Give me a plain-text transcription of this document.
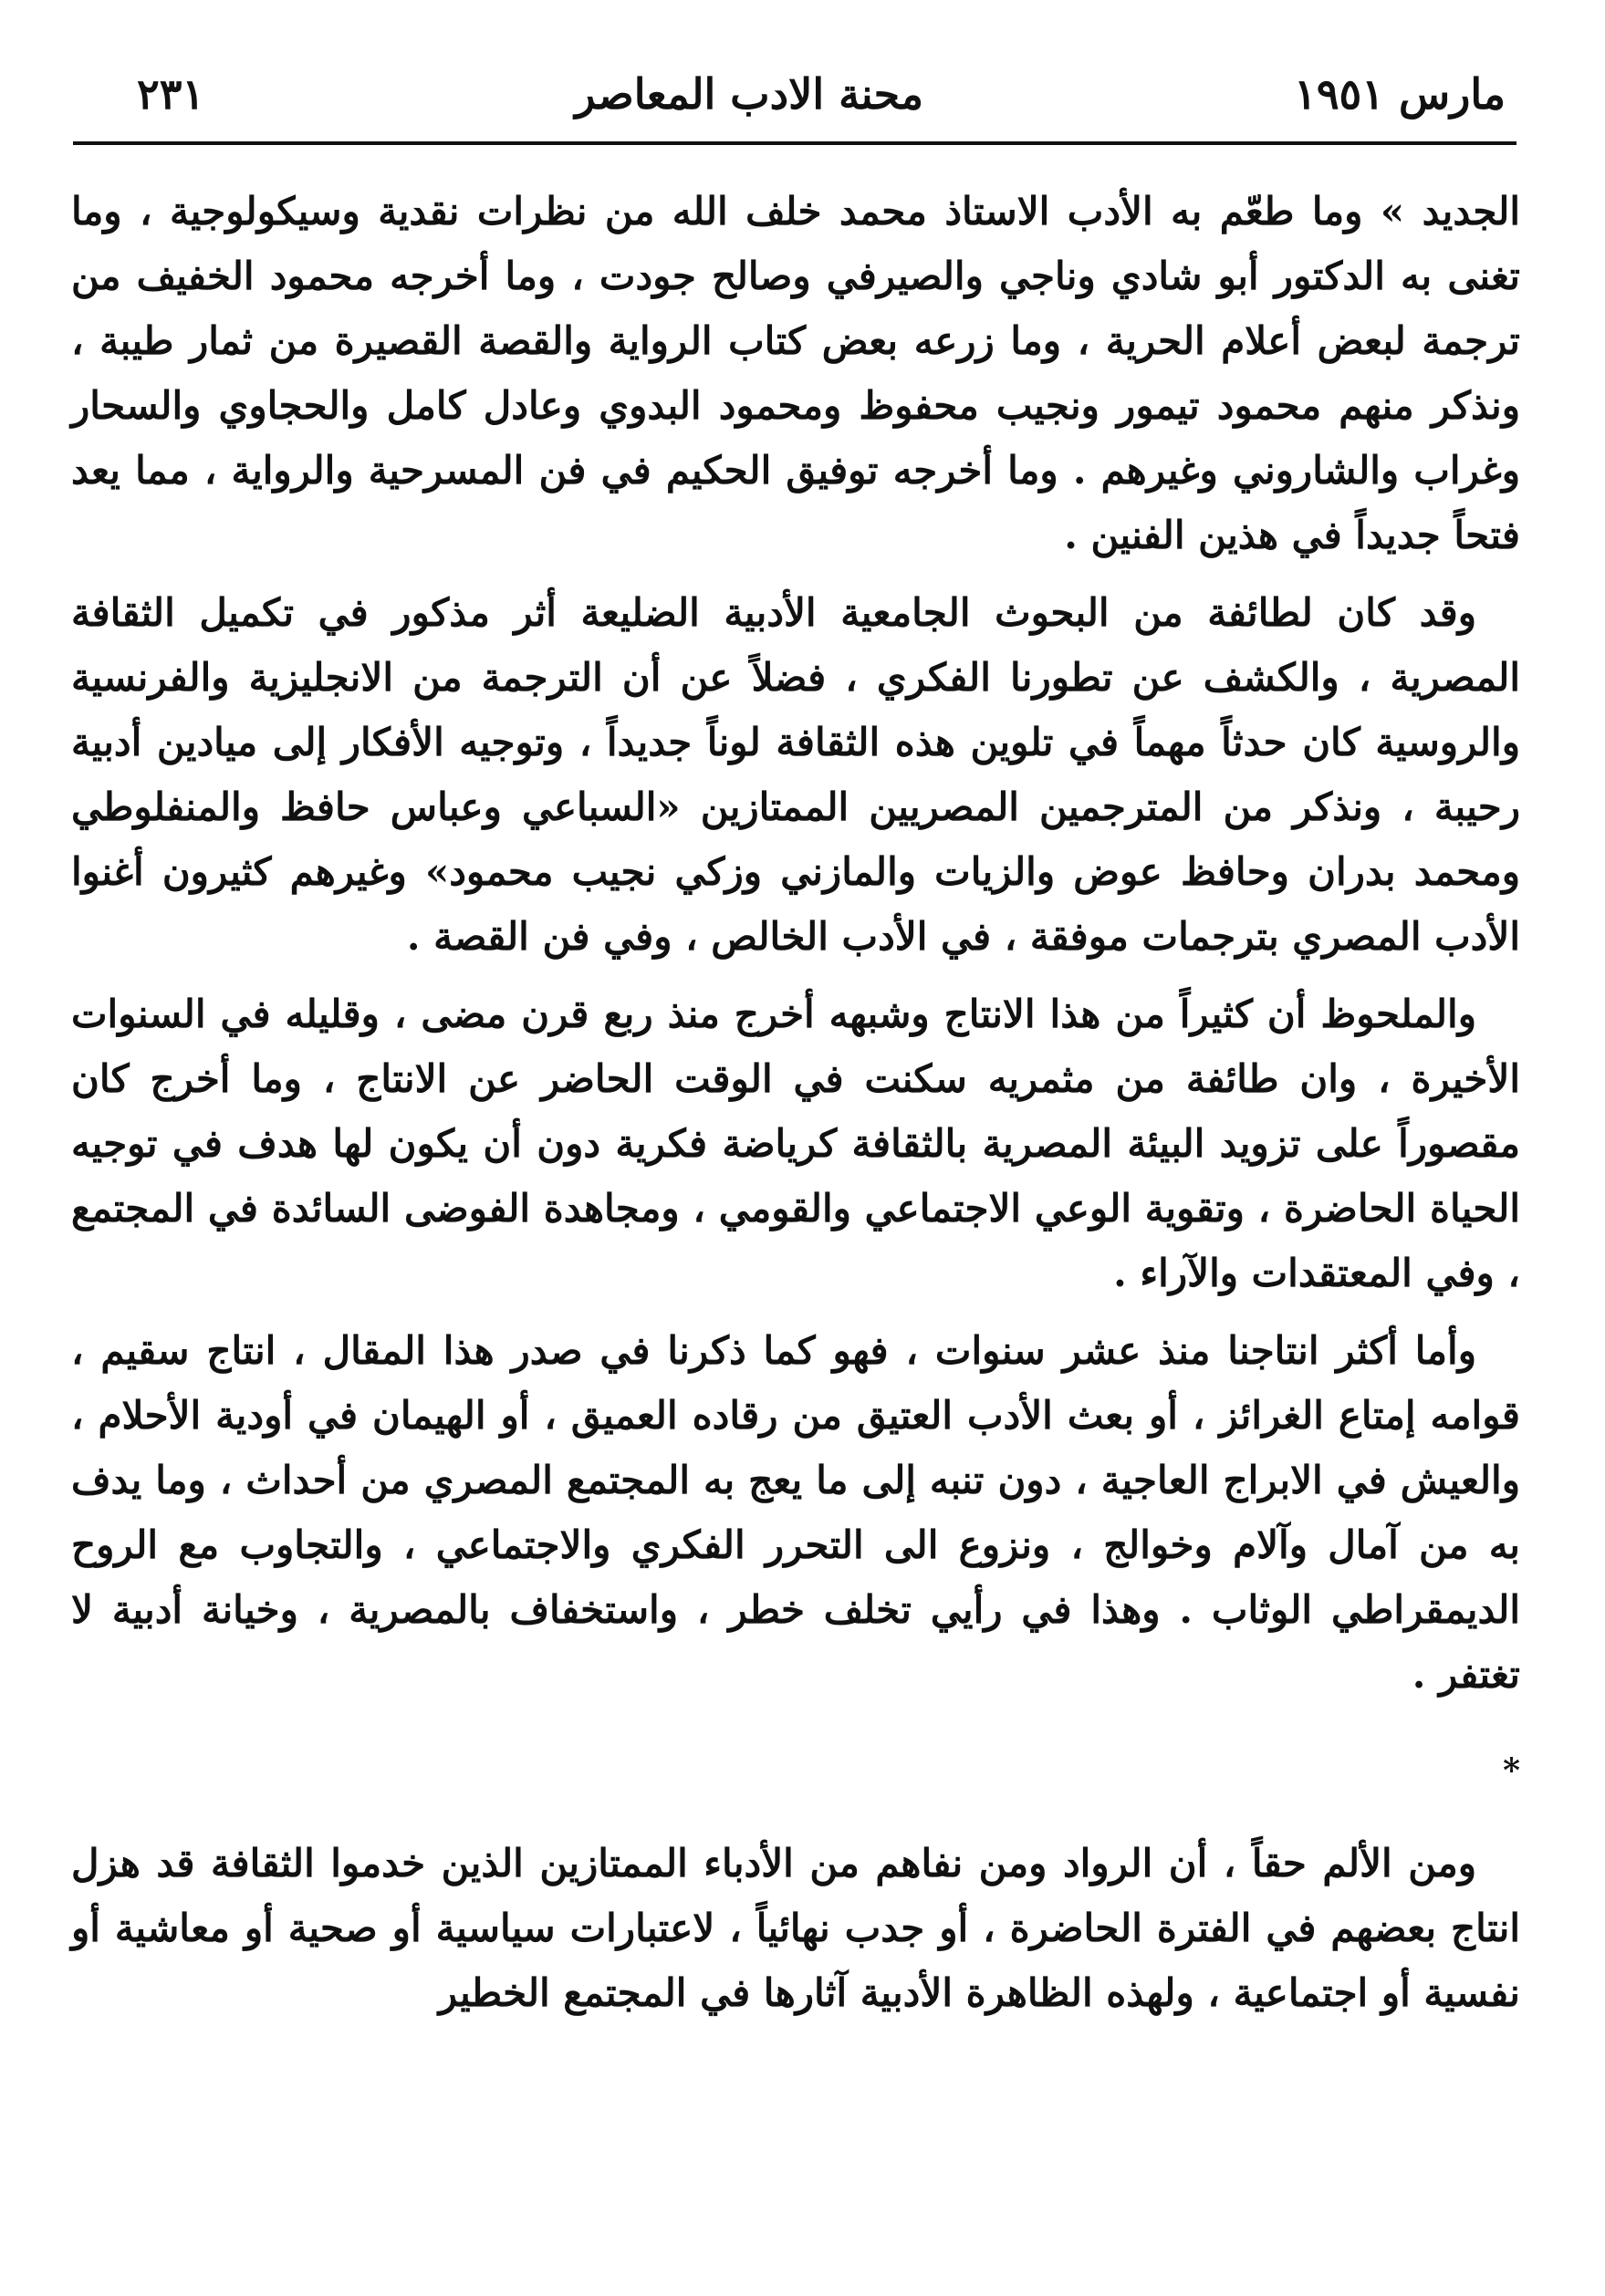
مارس ١٩٥١
محنة الادب المعاصر
٢٣١

الجديد » وما طعّم به الأدب الاستاذ محمد خلف الله من نظرات نقدية وسيكولوجية ، وما تغنى به الدكتور أبو شادي وناجي والصيرفي وصالح جودت ، وما أخرجه محمود الخفيف من ترجمة لبعض أعلام الحرية ، وما زرعه بعض كتاب الرواية والقصة القصيرة من ثمار طيبة ، ونذكر منهم محمود تيمور ونجيب محفوظ ومحمود البدوي وعادل كامل والحجاوي والسحار وغراب والشاروني وغيرهم . وما أخرجه توفيق الحكيم في فن المسرحية والرواية ، مما يعد فتحاً جديداً في هذين الفنين .

وقد كان لطائفة من البحوث الجامعية الأدبية الضليعة أثر مذكور في تكميل الثقافة المصرية ، والكشف عن تطورنا الفكري ، فضلاً عن أن الترجمة من الانجليزية والفرنسية والروسية كان حدثاً مهماً في تلوين هذه الثقافة لوناً جديداً ، وتوجيه الأفكار إلى ميادين أدبية رحيبة ، ونذكر من المترجمين المصريين الممتازين «السباعي وعباس حافظ والمنفلوطي ومحمد بدران وحافظ عوض والزيات والمازني وزكي نجيب محمود» وغيرهم كثيرون أغنوا الأدب المصري بترجمات موفقة ، في الأدب الخالص ، وفي فن القصة .

والملحوظ أن كثيراً من هذا الانتاج وشبهه أخرج منذ ربع قرن مضى ، وقليله في السنوات الأخيرة ، وان طائفة من مثمريه سكنت في الوقت الحاضر عن الانتاج ، وما أخرج كان مقصوراً على تزويد البيئة المصرية بالثقافة كرياضة فكرية دون أن يكون لها هدف في توجيه الحياة الحاضرة ، وتقوية الوعي الاجتماعي والقومي ، ومجاهدة الفوضى السائدة في المجتمع ، وفي المعتقدات والآراء .

وأما أكثر انتاجنا منذ عشر سنوات ، فهو كما ذكرنا في صدر هذا المقال ، انتاج سقيم ، قوامه إمتاع الغرائز ، أو بعث الأدب العتيق من رقاده العميق ، أو الهيمان في أودية الأحلام ، والعيش في الابراج العاجية ، دون تنبه إلى ما يعج به المجتمع المصري من أحداث ، وما يدف به من آمال وآلام وخوالج ، ونزوع الى التحرر الفكري والاجتماعي ، والتجاوب مع الروح الديمقراطي الوثاب . وهذا في رأيي تخلف خطر ، واستخفاف بالمصرية ، وخيانة أدبية لا تغتفر .

*

ومن الألم حقاً ، أن الرواد ومن نفاهم من الأدباء الممتازين الذين خدموا الثقافة قد هزل انتاج بعضهم في الفترة الحاضرة ، أو جدب نهائياً ، لاعتبارات سياسية أو صحية أو معاشية أو نفسية أو اجتماعية ، ولهذه الظاهرة الأدبية آثارها في المجتمع الخطير
